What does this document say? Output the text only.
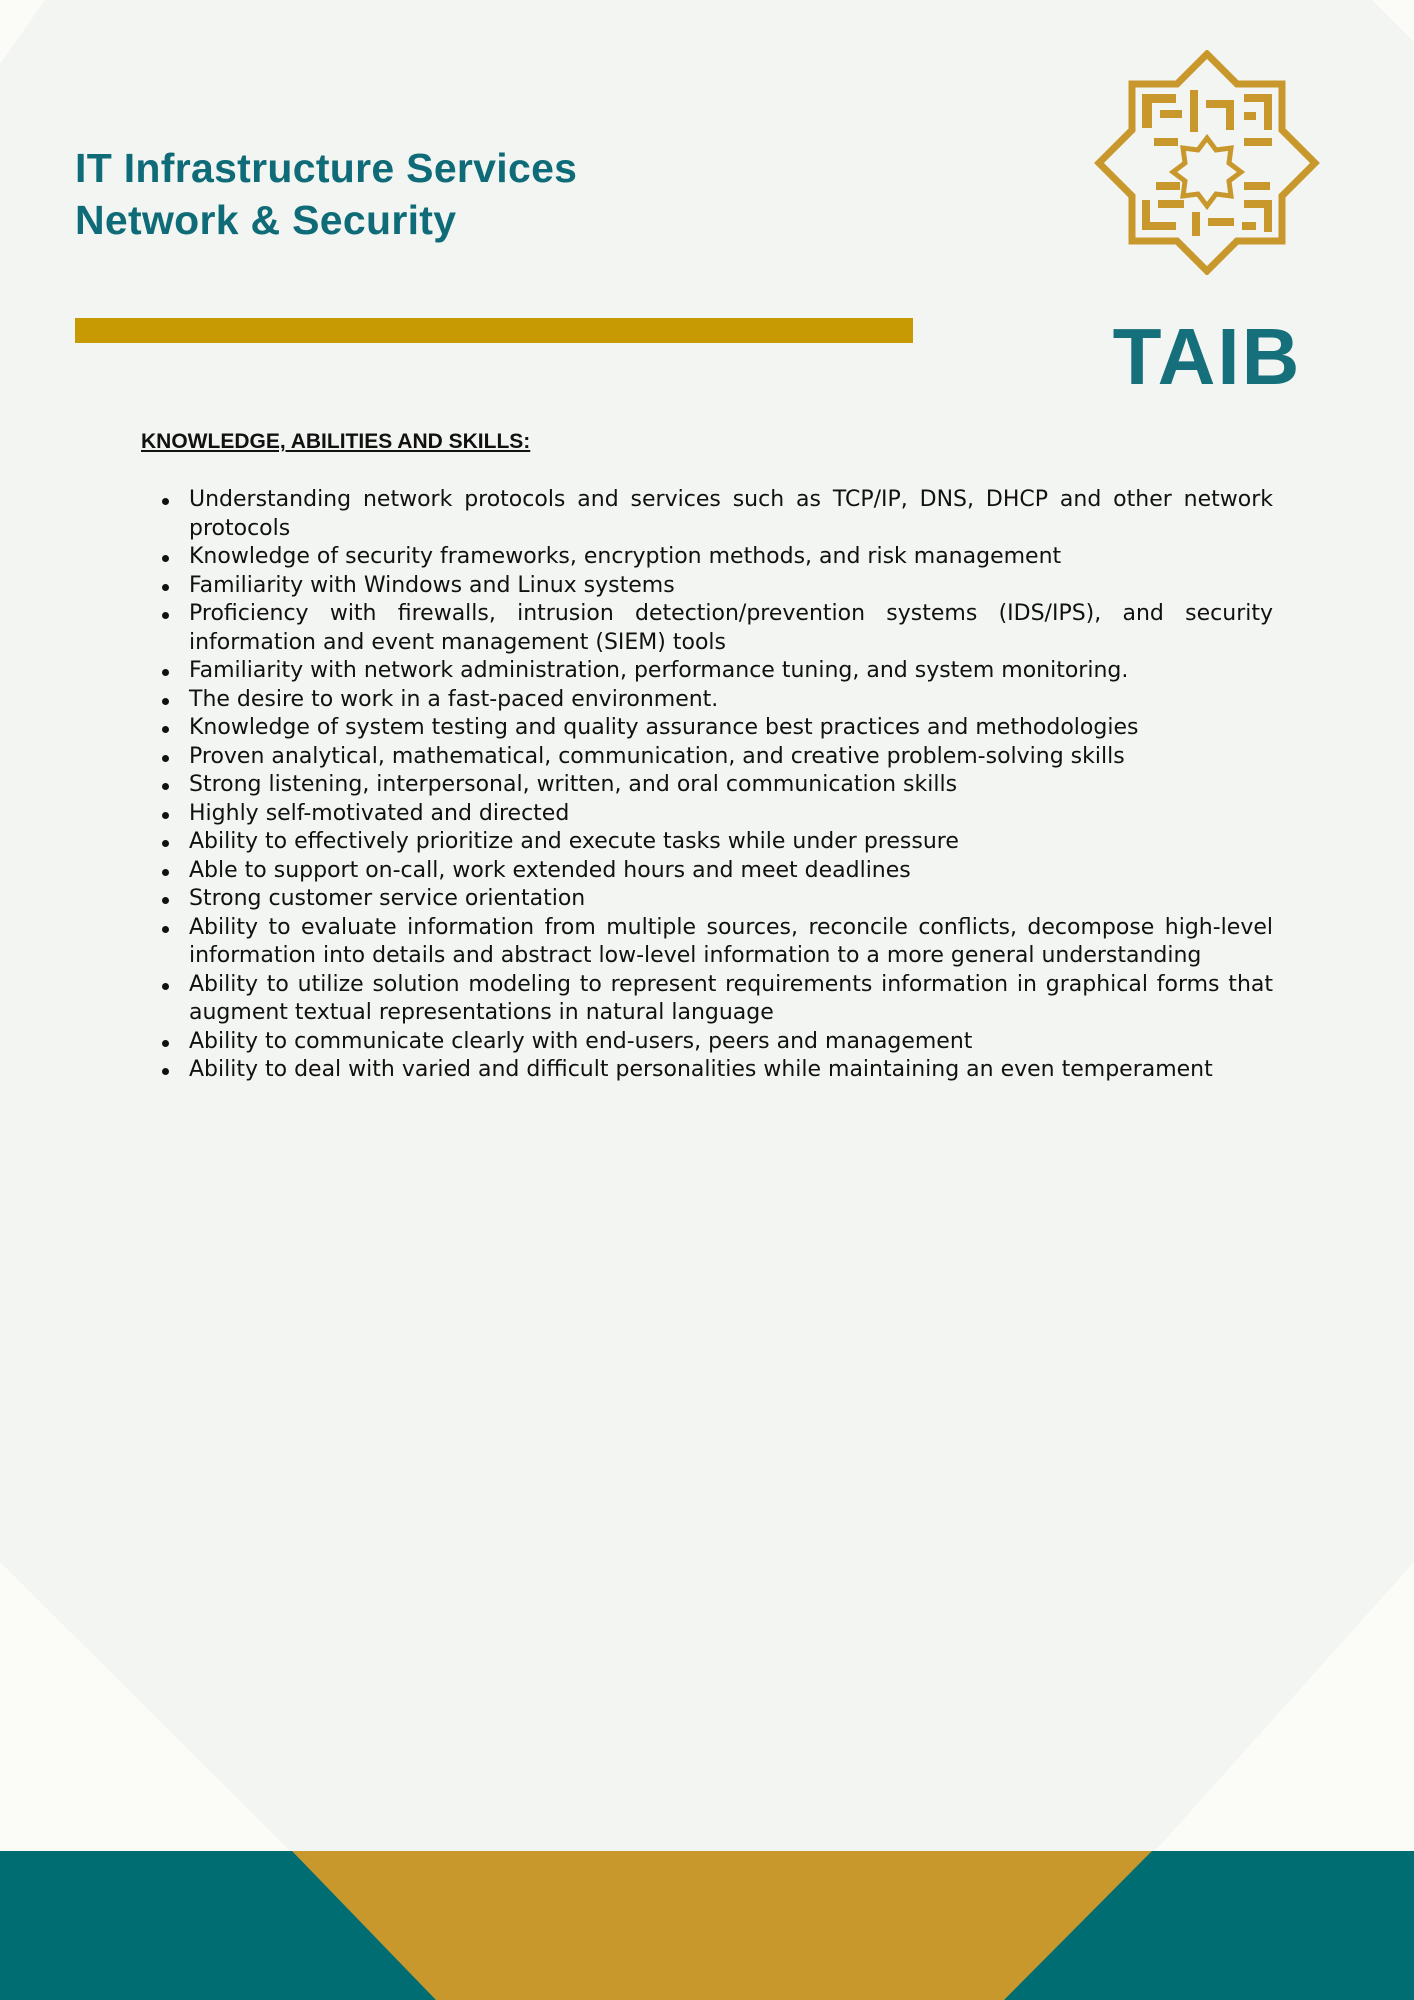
IT Infrastructure Services
Network & Security
TAIB
KNOWLEDGE, ABILITIES AND SKILLS:
Understanding network protocols and services such as TCP/IP, DNS, DHCP and other network protocols
Knowledge of security frameworks, encryption methods, and risk management
Familiarity with Windows and Linux systems
Proficiency with firewalls, intrusion detection/prevention systems (IDS/IPS), and security information and event management (SIEM) tools
Familiarity with network administration, performance tuning, and system monitoring.
The desire to work in a fast-paced environment.
Knowledge of system testing and quality assurance best practices and methodologies
Proven analytical, mathematical, communication, and creative problem-solving skills
Strong listening, interpersonal, written, and oral communication skills
Highly self-motivated and directed
Ability to effectively prioritize and execute tasks while under pressure
Able to support on-call, work extended hours and meet deadlines
Strong customer service orientation
Ability to evaluate information from multiple sources, reconcile conflicts, decompose high-level information into details and abstract low-level information to a more general understanding
Ability to utilize solution modeling to represent requirements information in graphical forms that augment textual representations in natural language
Ability to communicate clearly with end-users, peers and management
Ability to deal with varied and difficult personalities while maintaining an even temperament
